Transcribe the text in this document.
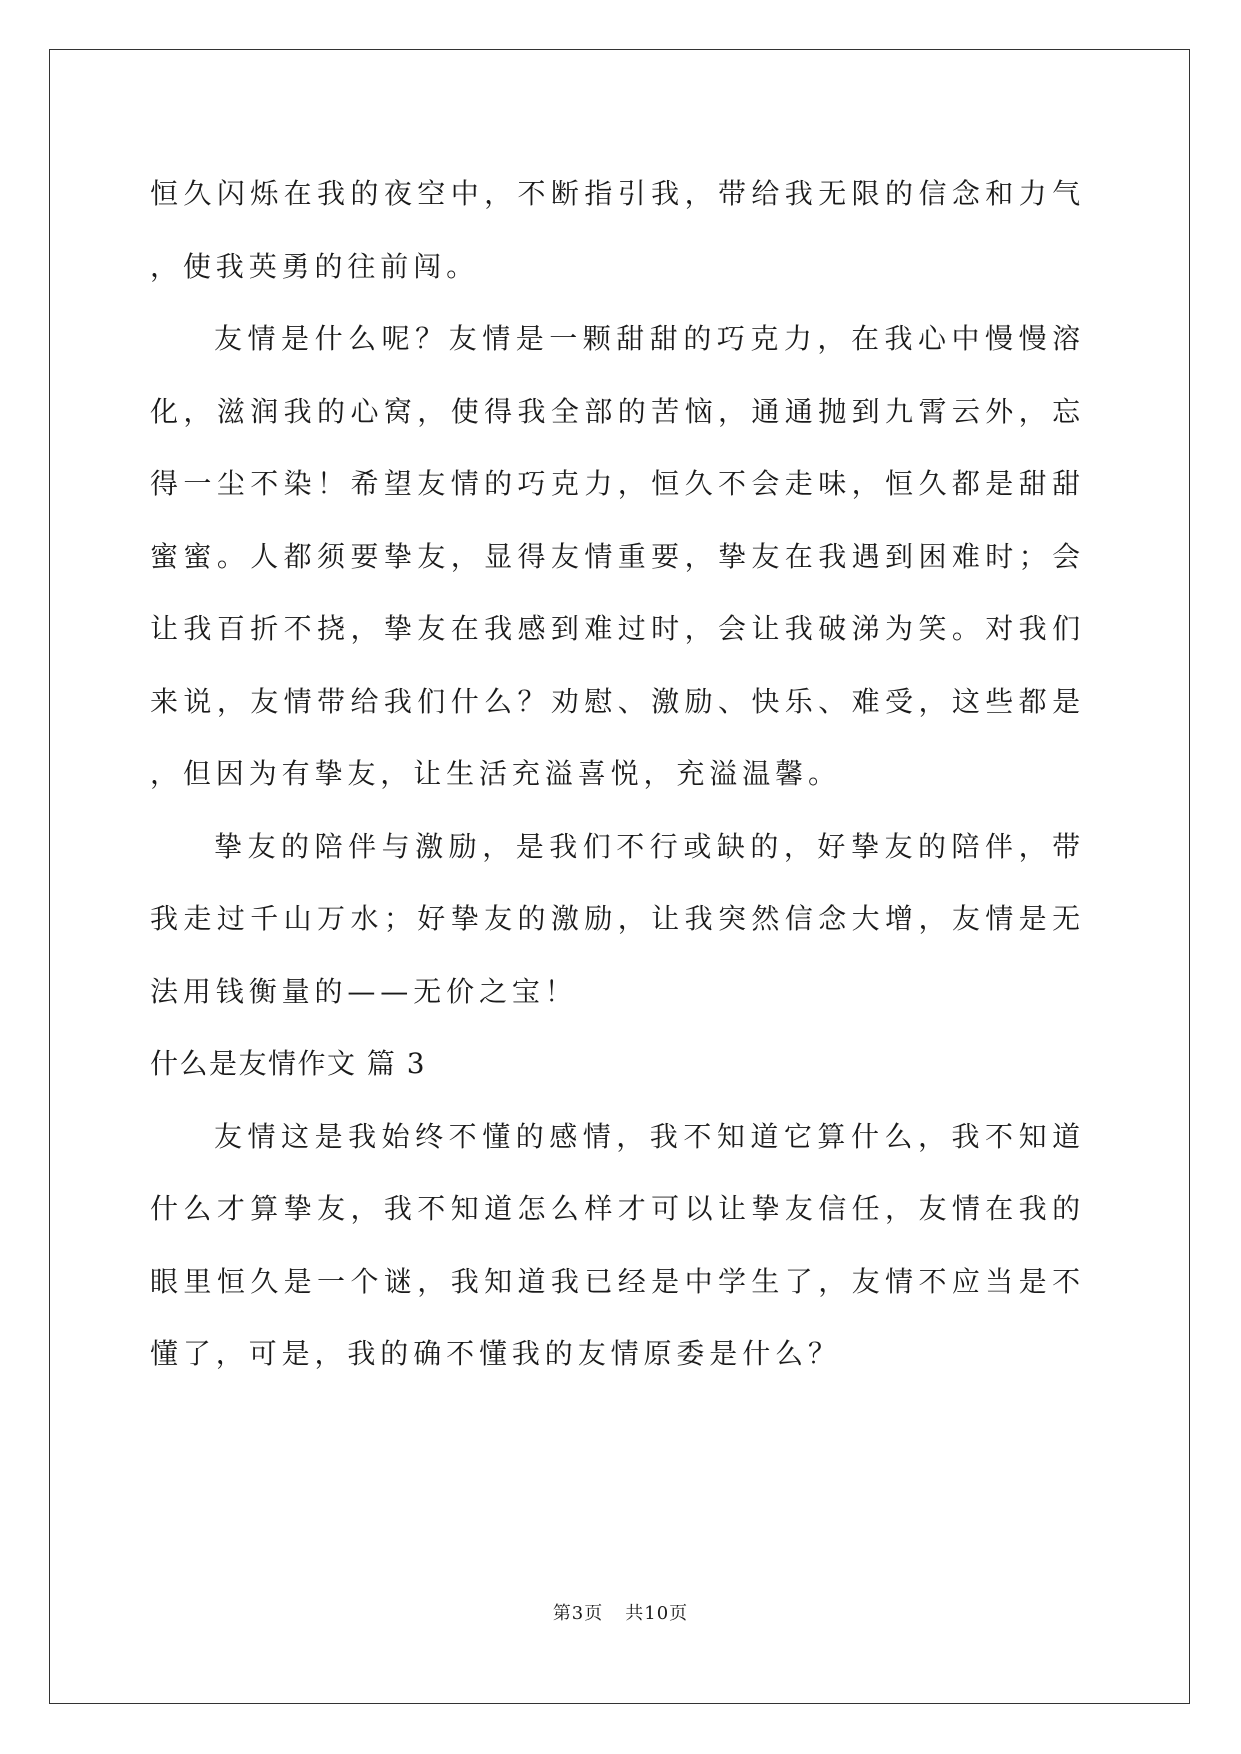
恒久闪烁在我的夜空中，不断指引我，带给我无限的信念和力气，使我英勇的往前闯。

友情是什么呢？友情是一颗甜甜的巧克力，在我心中慢慢溶化，滋润我的心窝，使得我全部的苦恼，通通抛到九霄云外，忘得一尘不染！希望友情的巧克力，恒久不会走味，恒久都是甜甜蜜蜜。人都须要挚友，显得友情重要，挚友在我遇到困难时；会让我百折不挠，挚友在我感到难过时，会让我破涕为笑。对我们来说，友情带给我们什么？劝慰、激励、快乐、难受，这些都是，但因为有挚友，让生活充溢喜悦，充溢温馨。

挚友的陪伴与激励，是我们不行或缺的，好挚友的陪伴，带我走过千山万水；好挚友的激励，让我突然信念大增，友情是无法用钱衡量的——无价之宝！

什么是友情作文 篇 3

友情这是我始终不懂的感情，我不知道它算什么，我不知道什么才算挚友，我不知道怎么样才可以让挚友信任，友情在我的眼里恒久是一个谜，我知道我已经是中学生了，友情不应当是不懂了，可是，我的确不懂我的友情原委是什么？

第3页 共10页
